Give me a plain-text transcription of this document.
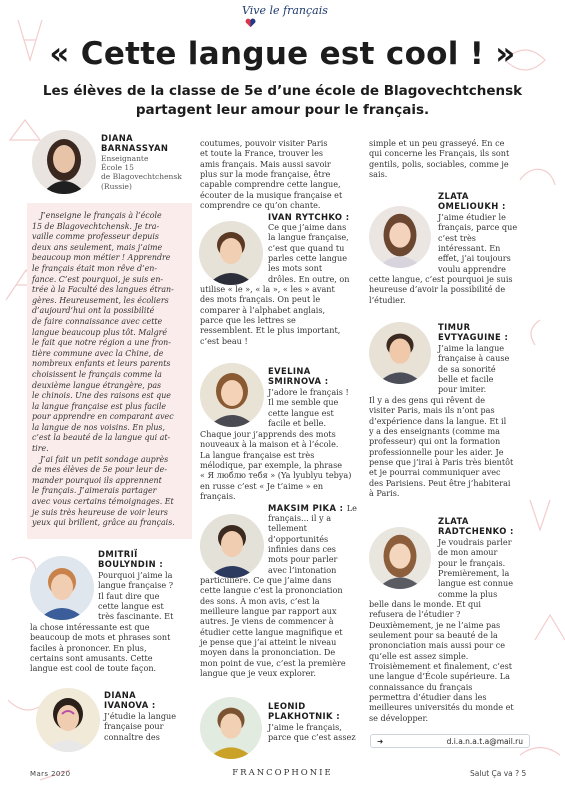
Vive le français
« Cette langue est cool ! »
Les élèves de la classe de 5e d’une école de Blagovechtchensk
partagent leur amour pour le français.
DIANA
BARNASSYAN
Enseignante
École 15
de Blagovechtchensk
(Russie)
J’enseigne le français à l’école
15 de Blagovechtchensk. Je tra-
vaille comme professeur depuis
deux ans seulement, mais j’aime
beaucoup mon métier ! Apprendre
le français était mon rêve d’en-
fance. C’est pourquoi, je suis en-
trée à la Faculté des langues étran-
gères. Heureusement, les écoliers
d’aujourd’hui ont la possibilité
de faire connaissance avec cette
langue beaucoup plus tôt. Malgré
le fait que notre région a une fron-
tière commune avec la Chine, de
nombreux enfants et leurs parents
choisissent le français comme la
deuxième langue étrangère, pas
le chinois. Une des raisons est que
la langue française est plus facile
pour apprendre en comparant avec
la langue de nos voisins. En plus,
c’est la beauté de la langue qui at-
tire.
J’ai fait un petit sondage auprès
de mes élèves de 5e pour leur de-
mander pourquoi ils apprennent
le français. J’aimerais partager
avec vous certains témoignages. Et
je suis très heureuse de voir leurs
yeux qui brillent, grâce au français.
DMITRIÏ
BOULYNDIN :
Pourquoi j’aime la
langue française ?
Il faut dire que
cette langue est
très fascinante. Et
la chose intéressante est que
beaucoup de mots et phrases sont
faciles à prononcer. En plus,
certains sont amusants. Cette
langue est cool de toute façon.
DIANA
IVANOVA :
J’étudie la langue
française pour
connaître des
coutumes, pouvoir visiter Paris
et toute la France, trouver les
amis français. Mais aussi savoir
plus sur la mode française, être
capable comprendre cette langue,
écouter de la musique française et
comprendre ce qu’on chante.
IVAN RYTCHKO :
Ce que j’aime dans
la langue française,
c’est que quand tu
parles cette langue
les mots sont
drôles. En outre, on
utilise « le », « la », « les » avant
des mots français. On peut le
comparer à l’alphabet anglais,
parce que les lettres se
ressemblent. Et le plus important,
c’est beau !
EVELINA
SMIRNOVA :
J’adore le français !
Il me semble que
cette langue est
facile et belle.
Chaque jour j’apprends des mots
nouveaux à la maison et à l’école.
La langue française est très
mélodique, par exemple, la phrase
« Я люблю тебя » (Ya lyublyu tebya)
en russe c’est « Je t’aime » en
français.
MAKSIM PIKA : Le
français... il y a
tellement
d’opportunités
infinies dans ces
mots pour parler
avec l’intonation
particulière. Ce que j’aime dans
cette langue c’est la prononciation
des sons. À mon avis, c’est la
meilleure langue par rapport aux
autres. Je viens de commencer à
étudier cette langue magnifique et
je pense que j’ai atteint le niveau
moyen dans la prononciation. De
mon point de vue, c’est la première
langue que je veux explorer.
LEONID
PLAKHOTNIK :
J’aime le français,
parce que c’est assez
simple et un peu grasseyé. En ce
qui concerne les Français, ils sont
gentils, polis, sociables, comme je
sais.
ZLATA
OMELIOUKH :
J’aime étudier le
français, parce que
c’est très
intéressant. En
effet, j’ai toujours
voulu apprendre
cette langue, c’est pourquoi je suis
heureuse d’avoir la possibilité de
l’étudier.
TIMUR
EVTYAGUINE :
J’aime la langue
française à cause
de sa sonorité
belle et facile
pour imiter.
Il y a des gens qui rêvent de
visiter Paris, mais ils n’ont pas
d’expérience dans la langue. Et il
y a des enseignants (comme ma
professeur) qui ont la formation
professionnelle pour les aider. Je
pense que j’irai à Paris très bientôt
et je pourrai communiquer avec
des Parisiens. Peut être j’habiterai
à Paris.
ZLATA
RADTCHENKO :
Je voudrais parler
de mon amour
pour le français.
Premièrement, la
langue est connue
comme la plus
belle dans le monde. Et qui
refusera de l’étudier ?
Deuxièmement, je ne l’aime pas
seulement pour sa beauté de la
prononciation mais aussi pour ce
qu’elle est assez simple.
Troisièmement et finalement, c’est
une langue d’École supérieure. La
connaissance du français
permettra d’étudier dans les
meilleures universités du monde et
se développer.
➜	d.i.a.n.a.t.a@mail.ru
Mars 2020	FRANCOPHONIE	Salut Ça va ? 5
